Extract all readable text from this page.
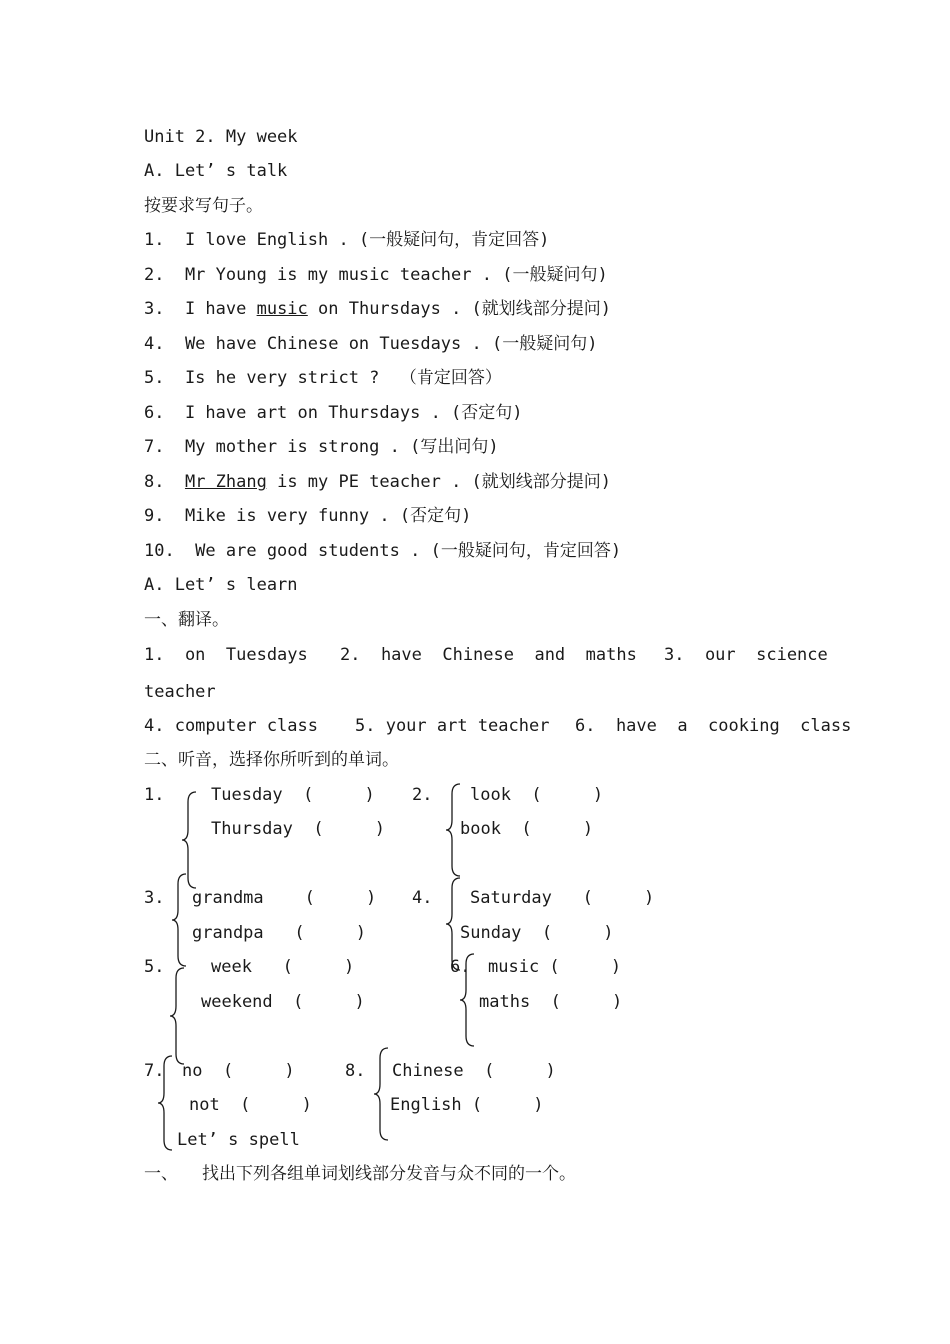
Unit 2. My week
A. Let’ s talk
按要求写句子。
1.  I love English . (一般疑问句，肯定回答)
2.  Mr Young is my music teacher . (一般疑问句)
3.  I have music on Thursdays . (就划线部分提问)
4.  We have Chinese on Tuesdays . (一般疑问句)
5.  Is he very strict ?  （肯定回答）
6.  I have art on Thursdays . (否定句)
7.  My mother is strong . (写出问句)
8.  Mr Zhang is my PE teacher . (就划线部分提问)
9.  Mike is very funny . (否定句)
10.  We are good students . (一般疑问句，肯定回答)
A. Let’ s learn
一、翻译。
1.  on  Tuesdays 2.  have  Chinese  and  maths 3.  our  science
teacher
4. computer class 5. your art teacher 6.  have  a  cooking  class
二、听音，选择你所听到的单词。
1.	Tuesday  (     )
Thursday  (     )
2. look  (     )
book  (     )
3. grandma    (     )
grandpa   (     )
4. Saturday   (     )
Sunday  (     )
5.	week   (     )
weekend  (     )
6. music (     )
maths  (     )
7. no  (     )
not  (     )
8. Chinese  (     )
English (     )
Let’ s spell
一、 找出下列各组单词划线部分发音与众不同的一个。
